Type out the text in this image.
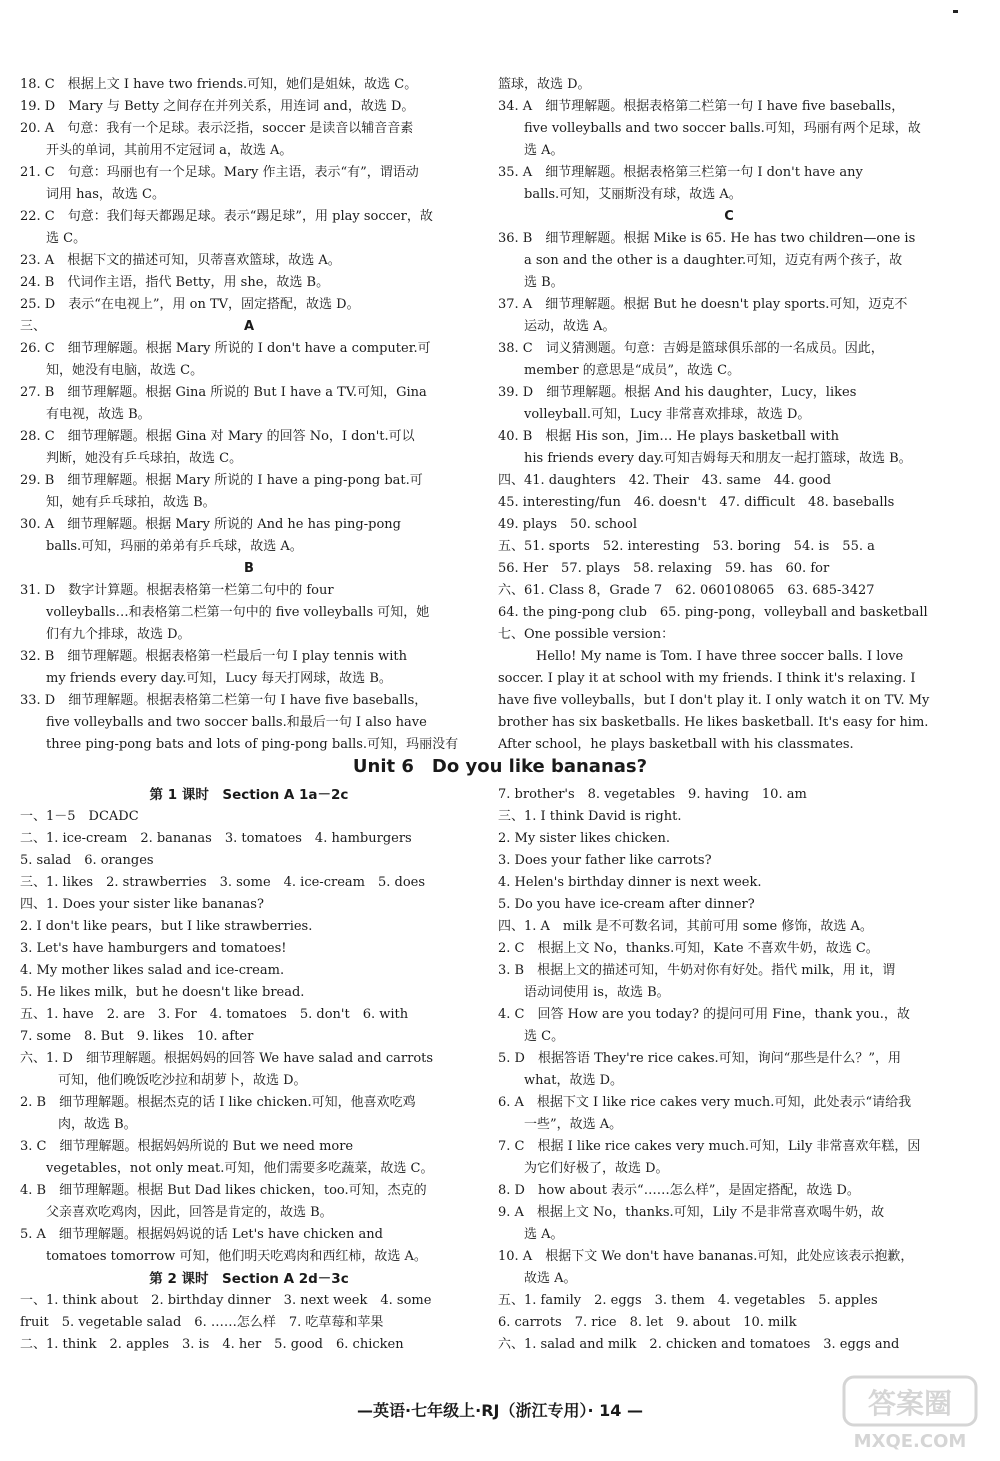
18. C　根据上文 I have two friends.可知，她们是姐妹，故选 C。
19. D　Mary 与 Betty 之间存在并列关系，用连词 and，故选 D。
20. A　句意：我有一个足球。表示泛指，soccer 是读音以辅音音素
开头的单词，其前用不定冠词 a，故选 A。
21. C　句意：玛丽也有一个足球。Mary 作主语，表示“有”，谓语动
词用 has，故选 C。
22. C　句意：我们每天都踢足球。表示“踢足球”，用 play soccer，故
选 C。
23. A　根据下文的描述可知，贝蒂喜欢篮球，故选 A。
24. B　代词作主语，指代 Betty，用 she，故选 B。
25. D　表示“在电视上”，用 on TV，固定搭配，故选 D。
三、	A
26. C　细节理解题。根据 Mary 所说的 I don't have a computer.可
知，她没有电脑，故选 C。
27. B　细节理解题。根据 Gina 所说的 But I have a TV.可知，Gina
有电视，故选 B。
28. C　细节理解题。根据 Gina 对 Mary 的回答 No，I don't.可以
判断，她没有乒乓球拍，故选 C。
29. B　细节理解题。根据 Mary 所说的 I have a ping-pong bat.可
知，她有乒乓球拍，故选 B。
30. A　细节理解题。根据 Mary 所说的 And he has ping-pong
balls.可知，玛丽的弟弟有乒乓球，故选 A。
B
31. D　数字计算题。根据表格第一栏第二句中的 four
volleyballs…和表格第二栏第一句中的 five volleyballs 可知，她
们有九个排球，故选 D。
32. B　细节理解题。根据表格第一栏最后一句 I play tennis with
my friends every day.可知，Lucy 每天打网球，故选 B。
33. D　细节理解题。根据表格第二栏第一句 I have five baseballs，
five volleyballs and two soccer balls.和最后一句 I also have
three ping-pong bats and lots of ping-pong balls.可知，玛丽没有
篮球，故选 D。
34. A　细节理解题。根据表格第二栏第一句 I have five baseballs，
five volleyballs and two soccer balls.可知，玛丽有两个足球，故
选 A。
35. A　细节理解题。根据表格第三栏第一句 I don't have any
balls.可知，艾丽斯没有球，故选 A。
C
36. B　细节理解题。根据 Mike is 65. He has two children—one is
a son and the other is a daughter.可知，迈克有两个孩子，故
选 B。
37. A　细节理解题。根据 But he doesn't play sports.可知，迈克不
运动，故选 A。
38. C　词义猜测题。句意：吉姆是篮球俱乐部的一名成员。因此，
member 的意思是“成员”，故选 C。
39. D　细节理解题。根据 And his daughter，Lucy，likes
volleyball.可知，Lucy 非常喜欢排球，故选 D。
40. B　根据 His son，Jim… He plays basketball with
his friends every day.可知吉姆每天和朋友一起打篮球，故选 B。
四、41. daughters　42. Their　43. same　44. good
45. interesting/fun　46. doesn't　47. difficult　48. baseballs
49. plays　50. school
五、51. sports　52. interesting　53. boring　54. is　55. a
56. Her　57. plays　58. relaxing　59. has　60. for
六、61. Class 8，Grade 7　62. 060108065　63. 685-3427
64. the ping-pong club　65. ping-pong，volleyball and basketball
七、One possible version：
Hello! My name is Tom. I have three soccer balls. I love
soccer. I play it at school with my friends. I think it's relaxing. I
have five volleyballs，but I don't play it. I only watch it on TV. My
brother has six basketballs. He likes basketball. It's easy for him.
After school，he plays basketball with his classmates.
Unit 6　Do you like bananas?
第 1 课时　Section A 1a－2c
一、1－5　DCADC
二、1. ice-cream　2. bananas　3. tomatoes　4. hamburgers
5. salad　6. oranges
三、1. likes　2. strawberries　3. some　4. ice-cream　5. does
四、1. Does your sister like bananas?
2. I don't like pears，but I like strawberries.
3. Let's have hamburgers and tomatoes!
4. My mother likes salad and ice-cream.
5. He likes milk，but he doesn't like bread.
五、1. have　2. are　3. For　4. tomatoes　5. don't　6. with
7. some　8. But　9. likes　10. after
六、1. D　细节理解题。根据妈妈的回答 We have salad and carrots
可知，他们晚饭吃沙拉和胡萝卜，故选 D。
2. B　细节理解题。根据杰克的话 I like chicken.可知，他喜欢吃鸡
肉，故选 B。
3. C　细节理解题。根据妈妈所说的 But we need more
vegetables，not only meat.可知，他们需要多吃蔬菜，故选 C。
4. B　细节理解题。根据 But Dad likes chicken，too.可知，杰克的
父亲喜欢吃鸡肉，因此，回答是肯定的，故选 B。
5. A　细节理解题。根据妈妈说的话 Let's have chicken and
tomatoes tomorrow 可知，他们明天吃鸡肉和西红柿，故选 A。
第 2 课时　Section A 2d－3c
一、1. think about　2. birthday dinner　3. next week　4. some
fruit　5. vegetable salad　6. ……怎么样　7. 吃草莓和苹果
二、1. think　2. apples　3. is　4. her　5. good　6. chicken
7. brother's　8. vegetables　9. having　10. am
三、1. I think David is right.
2. My sister likes chicken.
3. Does your father like carrots?
4. Helen's birthday dinner is next week.
5. Do you have ice-cream after dinner?
四、1. A　milk 是不可数名词，其前可用 some 修饰，故选 A。
2. C　根据上文 No，thanks.可知，Kate 不喜欢牛奶，故选 C。
3. B　根据上文的描述可知，牛奶对你有好处。指代 milk，用 it，谓
语动词使用 is，故选 B。
4. C　回答 How are you today? 的提问可用 Fine，thank you.，故
选 C。
5. D　根据答语 They're rice cakes.可知，询问“那些是什么？”，用
what，故选 D。
6. A　根据下文 I like rice cakes very much.可知，此处表示“请给我
一些”，故选 A。
7. C　根据 I like rice cakes very much.可知，Lily 非常喜欢年糕，因
为它们好极了，故选 D。
8. D　how about 表示“……怎么样”，是固定搭配，故选 D。
9. A　根据上文 No，thanks.可知，Lily 不是非常喜欢喝牛奶，故
选 A。
10. A　根据下文 We don't have bananas.可知，此处应该表示抱歉，
故选 A。
五、1. family　2. eggs　3. them　4. vegetables　5. apples
6. carrots　7. rice　8. let　9. about　10. milk
六、1. salad and milk　2. chicken and tomatoes　3. eggs and
—英语·七年级上·RJ（浙江专用）· 14 —	答案圈
MXQE.COM
